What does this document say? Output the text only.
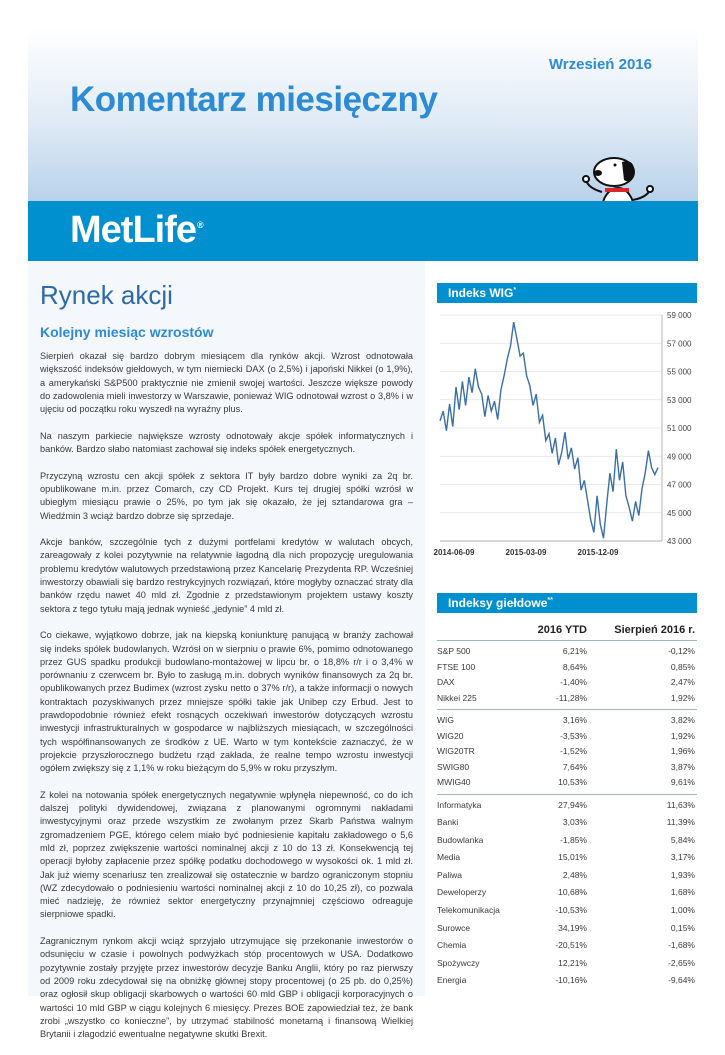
Wrzesień 2016
Komentarz miesięczny
MetLife®
Rynek akcji
Kolejny miesiąc wzrostów

Sierpień okazał się bardzo dobrym miesiącem dla rynków akcji. Wzrost odnotowała większość indeksów giełdowych, w tym niemiecki DAX (o 2,5%) i japoński Nikkei (o 1,9%), a amerykański S&P500 praktycznie nie zmienił swojej wartości. Jeszcze większe powody do zadowolenia mieli inwestorzy w Warszawie, ponieważ WIG odnotował wzrost o 3,8% i w ujęciu od początku roku wyszedł na wyraźny plus.

Na naszym parkiecie największe wzrosty odnotowały akcje spółek informatycznych i banków. Bardzo słabo natomiast zachował się indeks spółek energetycznych.

Przyczyną wzrostu cen akcji spółek z sektora IT były bardzo dobre wyniki za 2q br. opublikowane m.in. przez Comarch, czy CD Projekt. Kurs tej drugiej spółki wzrósł w ubiegłym miesiącu prawie o 25%, po tym jak się okazało, że jej sztandarowa gra – Wiedźmin 3 wciąż bardzo dobrze się sprzedaje.

Akcje banków, szczególnie tych z dużymi portfelami kredytów w walutach obcych, zareagowały z kolei pozytywnie na relatywnie łagodną dla nich propozycję uregulowania problemu kredytów walutowych przedstawioną przez Kancelarię Prezydenta RP. Wcześniej inwestorzy obawiali się bardzo restrykcyjnych rozwiązań, które mogłyby oznaczać straty dla banków rzędu nawet 40 mld zł. Zgodnie z przedstawionym projektem ustawy koszty sektora z tego tytułu mają jednak wynieść „jedynie” 4 mld zł.

Co ciekawe, wyjątkowo dobrze, jak na kiepską koniunkturę panującą w branży zachował się indeks spółek budowlanych. Wzrósł on w sierpniu o prawie 6%, pomimo odnotowanego przez GUS spadku produkcji budowlano-montażowej w lipcu br. o 18,8% r/r i o 3,4% w porównaniu z czerwcem br. Było to zasługą m.in. dobrych wyników finansowych za 2q br. opublikowanych przez Budimex (wzrost zysku netto o 37% r/r), a także informacji o nowych kontraktach pozyskiwanych przez mniejsze spółki takie jak Unibep czy Erbud. Jest to prawdopodobnie również efekt rosnących oczekiwań inwestorów dotyczących wzrostu inwestycji infrastrukturalnych w gospodarce w najbliższych miesiącach, w szczególności tych współfinansowanych ze środków z UE. Warto w tym kontekście zaznaczyć, że w projekcie przyszłorocznego budżetu rząd zakłada, że realne tempo wzrostu inwestycji ogółem zwiększy się z 1,1% w roku bieżącym do 5,9% w roku przyszłym.

Z kolei na notowania spółek energetycznych negatywnie wpłynęła niepewność, co do ich dalszej polityki dywidendowej, związana z planowanymi ogromnymi nakładami inwestycyjnymi oraz przede wszystkim ze zwołanym przez Skarb Państwa walnym zgromadzeniem PGE, którego celem miało być podniesienie kapitału zakładowego o 5,6 mld zł, poprzez zwiększenie wartości nominalnej akcji z 10 do 13 zł. Konsekwencją tej operacji byłoby zapłacenie przez spółkę podatku dochodowego w wysokości ok. 1 mld zł. Jak już wiemy scenariusz ten zrealizował się ostatecznie w bardzo ograniczonym stopniu (WZ zdecydowało o podniesieniu wartości nominalnej akcji z 10 do 10,25 zł), co pozwala mieć nadzieję, że również sektor energetyczny przynajmniej częściowo odreaguje sierpniowe spadki.

Zagranicznym rynkom akcji wciąż sprzyjało utrzymujące się przekonanie inwestorów o odsunięciu w czasie i powolnych podwyżkach stóp procentowych w USA. Dodatkowo pozytywnie zostały przyjęte przez inwestorów decyzje Banku Anglii, który po raz pierwszy od 2009 roku zdecydował się na obniżkę głównej stopy procentowej (o 25 pb. do 0,25%) oraz ogłosił skup obligacji skarbowych o wartości 60 mld GBP i obligacji korporacyjnych o wartości 10 mld GBP w ciągu kolejnych 6 miesięcy. Prezes BOE zapowiedział też, że bank zrobi „wszystko co konieczne”, by utrzymać stabilność monetarną i finansową Wielkiej Brytanii i złagodzić ewentualne negatywne skutki Brexit.

Indeks WIG*
59 000
57 000
55 000
53 000
51 000
49 000
47 000
45 000
43 000
2014-06-09	2015-03-09	2015-12-09
Indeksy giełdowe**
2016 YTD Sierpień 2016 r.
S&P 500	6,21%	-0,12%
FTSE 100	8,64%	0,85%
DAX	-1,40%	2,47%
Nikkei 225	-11,28%	1,92%
WIG	3,16%	3,82%
WIG20	-3,53%	1,92%
WIG20TR	-1,52%	1,96%
SWIG80	7,64%	3,87%
MWIG40	10,53%	9,61%
Informatyka	27,94%	11,63%
Banki	3,03%	11,39%
Budowlanka	-1,85%	5,84%
Media	15,01%	3,17%
Paliwa	2,48%	1,93%
Deweloperzy	10,68%	1,68%
Telekomunikacja	-10,53%	1,00%
Surowce	34,19%	0,15%
Chemia	-20,51%	-1,68%
Spożywczy	12,21%	-2,65%
Energia	-10,16%	-9,64%
